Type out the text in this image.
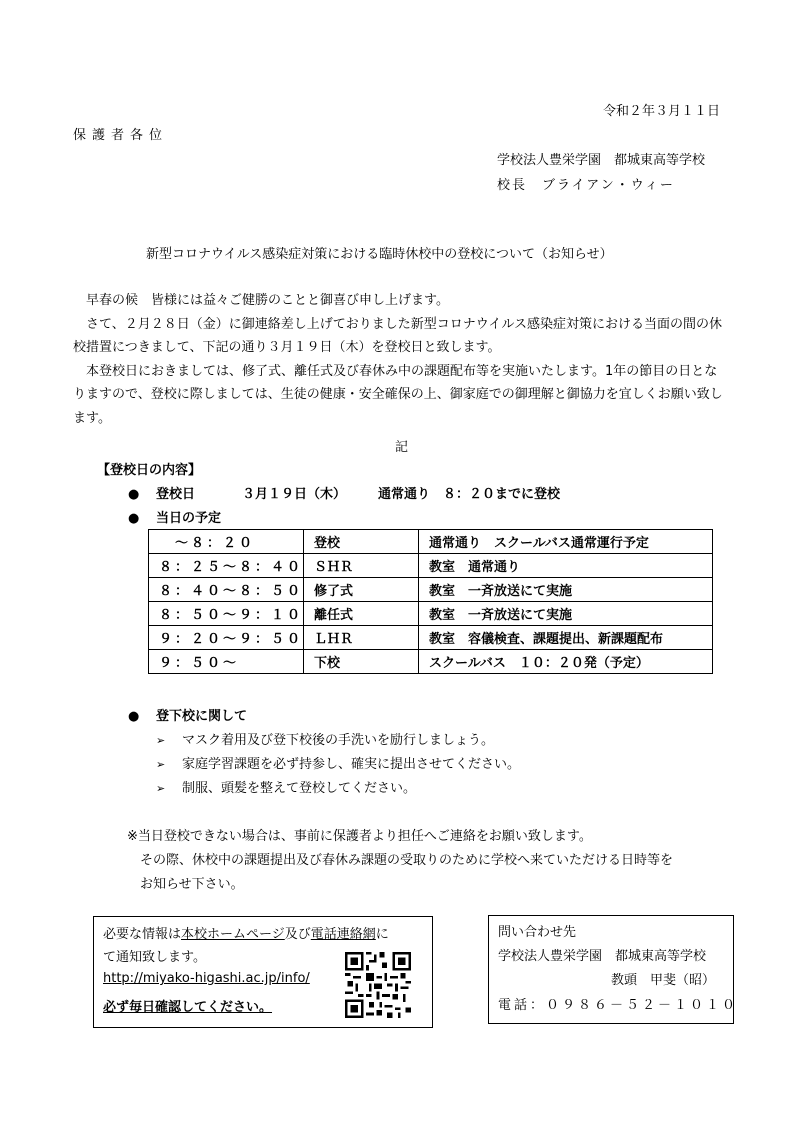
令和２年３月１１日
保護者各位
学校法人豊栄学園　都城東高等学校
校長　ブライアン・ウィー
新型コロナウイルス感染症対策における臨時休校中の登校について（お知らせ）

早春の候　皆様には益々ご健勝のことと御喜び申し上げます。

さて、２月２８日（金）に御連絡差し上げておりました新型コロナウイルス感染症対策における当面の間の休校措置につきまして、下記の通り３月１９日（木）を登校日と致します。

本登校日におきましては、修了式、離任式及び春休み中の課題配布等を実施いたします。1年の節目の日となりますので、登校に際しましては、生徒の健康・安全確保の上、御家庭での御理解と御協力を宜しくお願い致します。

記
【登校日の内容】
● 登校日	３月１９日（木） 通常通り　８：２０までに登校
● 当日の予定
　～８：２０	登校	通常通り　スクールバス通常運行予定
８：２５～８：４０	ＳＨＲ	教室　通常通り
８：４０～８：５０	修了式	教室　一斉放送にて実施
８：５０～９：１０	離任式	教室　一斉放送にて実施
９：２０～９：５０	ＬＨＲ	教室　容儀検査、課題提出、新課題配布
９：５０～	下校	スクールバス　１０：２０発（予定）
● 登下校に関して
➢ マスク着用及び登下校後の手洗いを励行しましょう。
➢ 家庭学習課題を必ず持参し、確実に提出させてください。
➢ 制服、頭髪を整えて登校してください。
※当日登校できない場合は、事前に保護者より担任へご連絡をお願い致します。
その際、休校中の課題提出及び春休み課題の受取りのために学校へ来ていただける日時等を
お知らせ下さい。
必要な情報は本校ホームページ及び電話連絡網に
て通知致します。
http://miyako-higashi.ac.jp/info/
必ず毎日確認してください。
問い合わせ先
学校法人豊栄学園　都城東高等学校
教頭　甲斐（昭）
電話：０９８６－５２－１０１０
